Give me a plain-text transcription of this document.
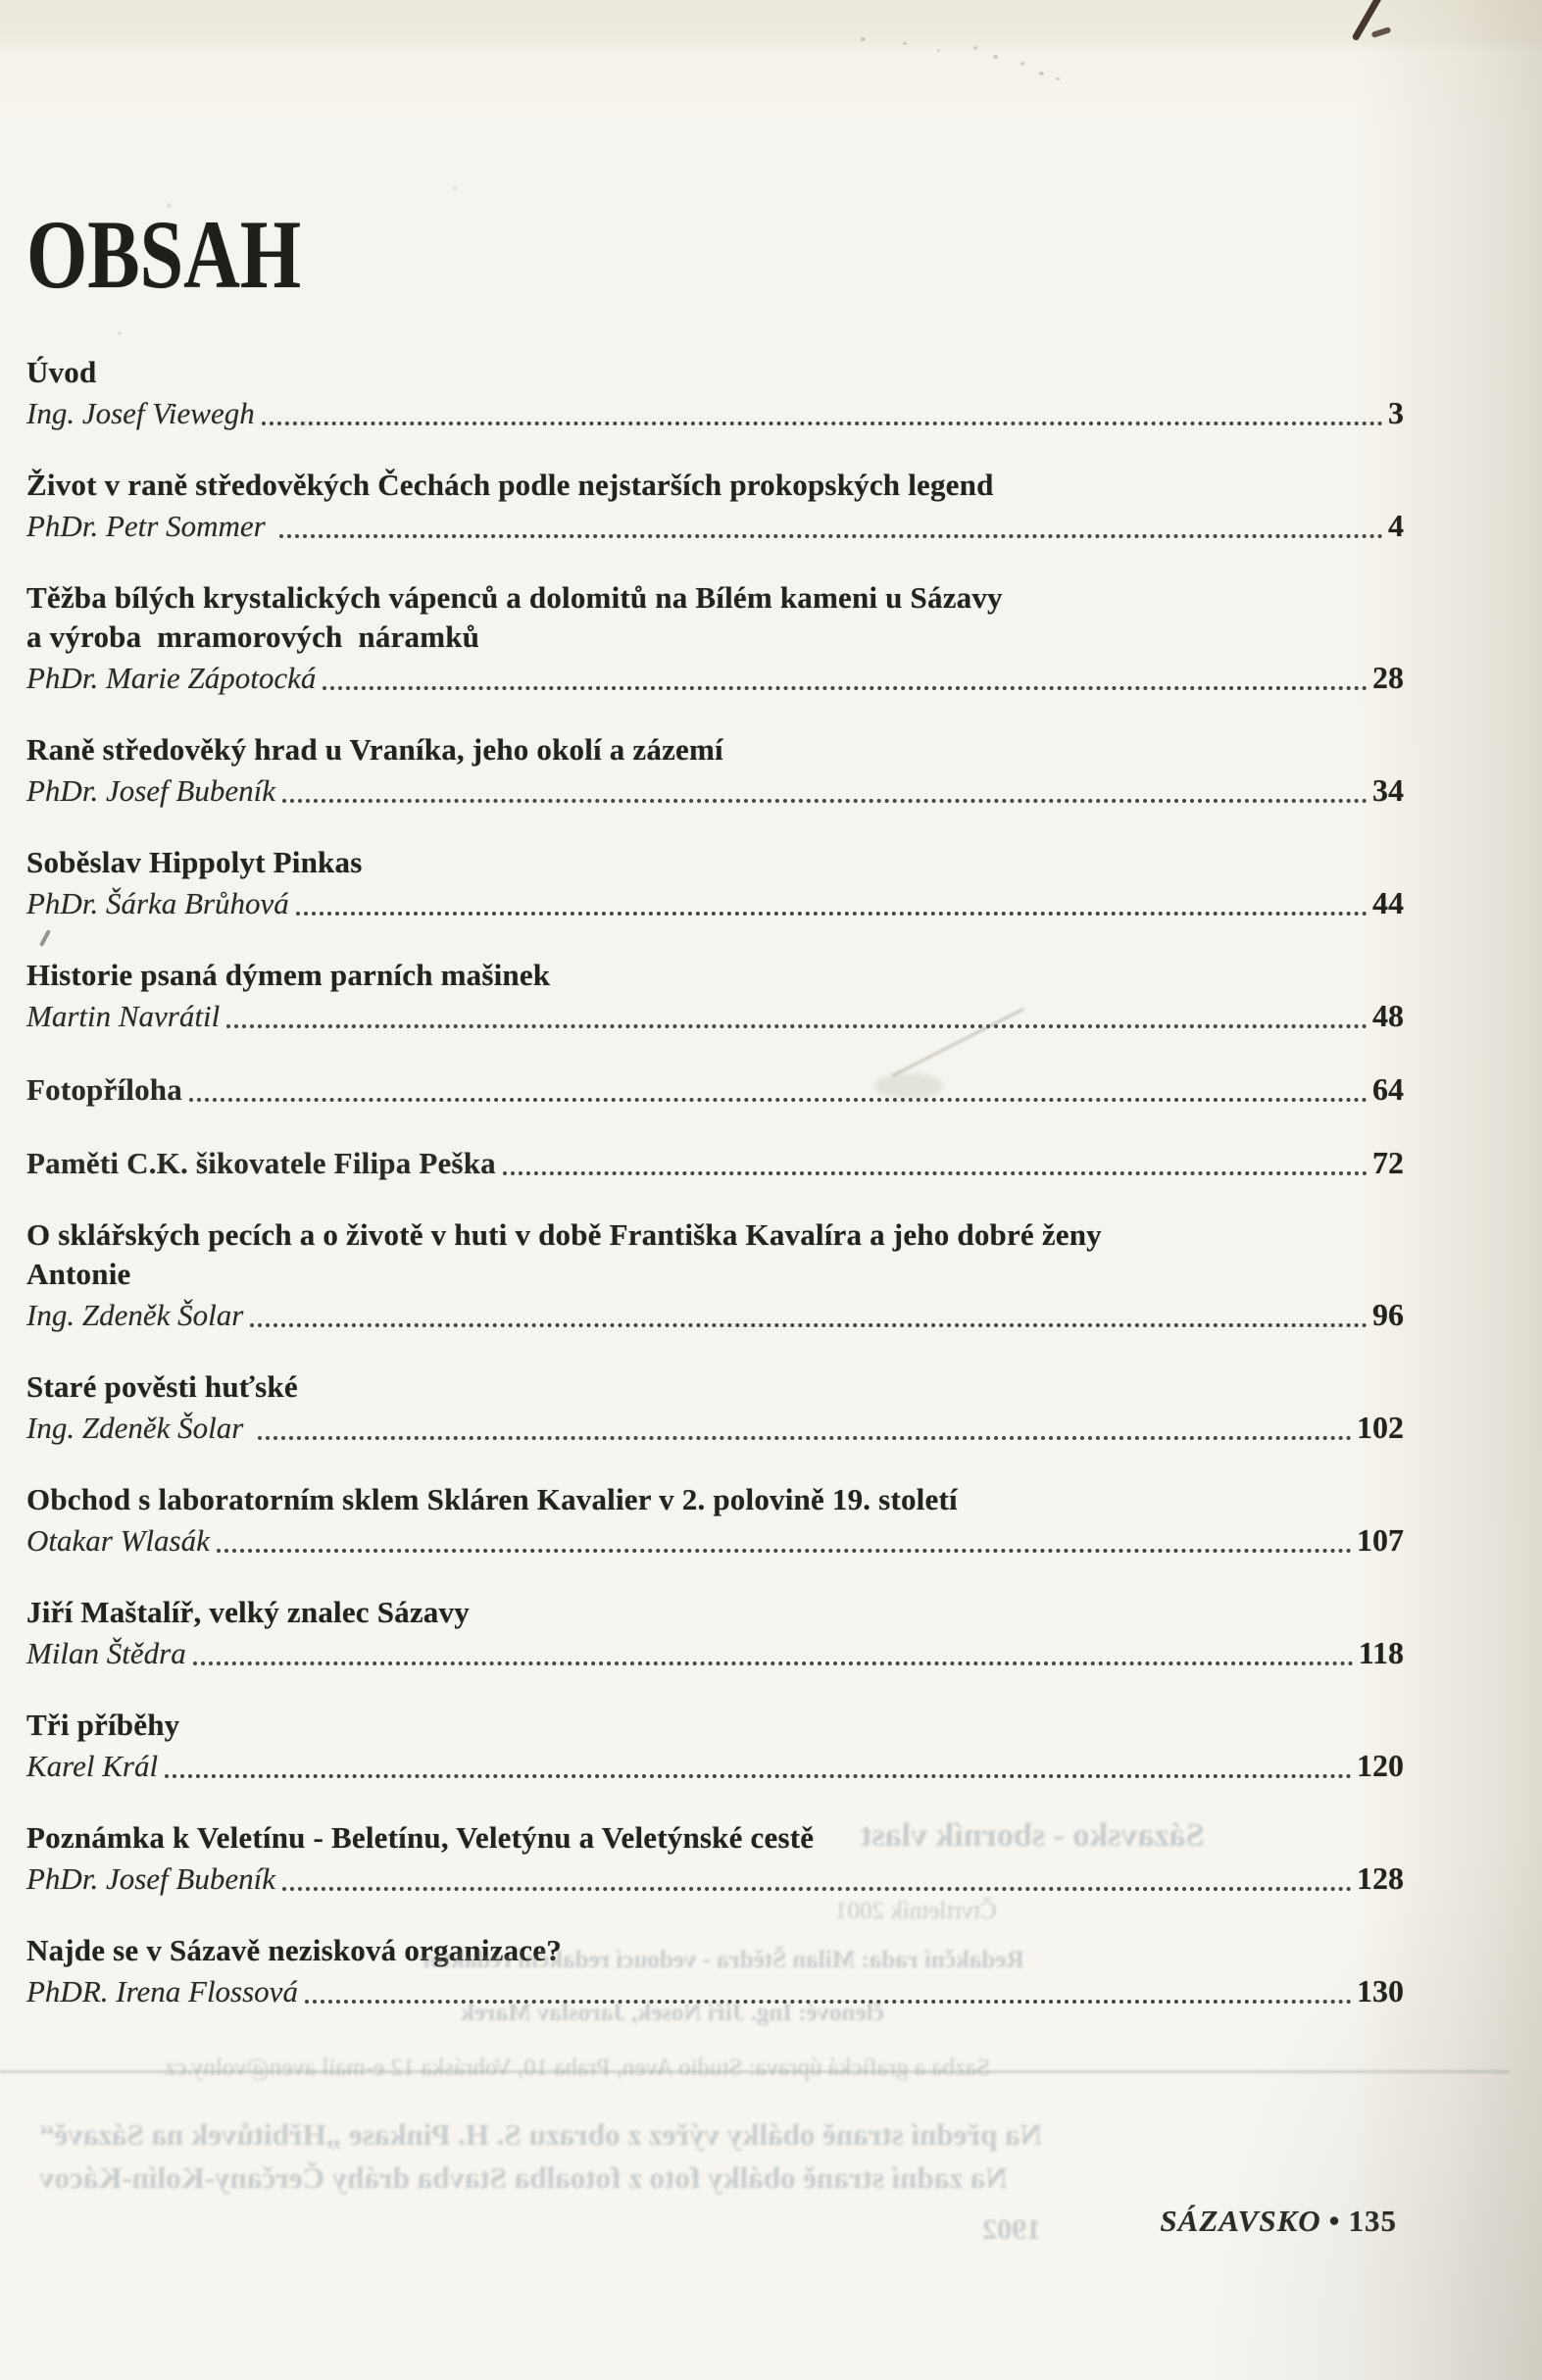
OBSAH
Úvod
Ing. Josef Viewegh	3
Život v raně středověkých Čechách podle nejstarších prokopských legend
PhDr. Petr Sommer	4
Těžba bílých krystalických vápenců a dolomitů na Bílém kameni u Sázavy
a výroba  mramorových  náramků
PhDr. Marie Zápotocká	28
Raně středověký hrad u Vraníka, jeho okolí a zázemí
PhDr. Josef Bubeník	34
Soběslav Hippolyt Pinkas
PhDr. Šárka Brůhová	44
Historie psaná dýmem parních mašinek
Martin Navrátil	48
Fotopříloha	64
Paměti C.K. šikovatele Filipa Peška	72
O sklářských pecích a o životě v huti v době Františka Kavalíra a jeho dobré ženy
Antonie
Ing. Zdeněk Šolar	96
Staré pověsti huťské
Ing. Zdeněk Šolar	102
Obchod s laboratorním sklem Skláren Kavalier v 2. polovině 19. století
Otakar Wlasák	107
Jiří Maštalíř, velký znalec Sázavy
Milan Štědra	118
Tři příběhy
Karel Král	120
Poznámka k Veletínu - Beletínu, Veletýnu a Veletýnské cestě
PhDr. Josef Bubeník	128
Najde se v Sázavě nezisková organizace?
PhDR. Irena Flossová	130
Sázavsko - sborník vlast
Čtvrtletník 2001
Redakční rada: Milan Štědra - vedoucí redakční redaktor
členové: Ing. Jiří Nosek, Jaroslav Marek
Sazba a grafická úprava: Studio Aven, Praha 10, Vohráska 12 e-mail aven@volny.cz
Na přední straně obálky výřez z obrazu S. H. Pinkase „Hřbitůvek na Sázavě“
Na zadní straně obálky foto z fotoalba Stavba dráhy Čerčany-Kolín-Kácov
1902	SÁZAVSKO • 135
